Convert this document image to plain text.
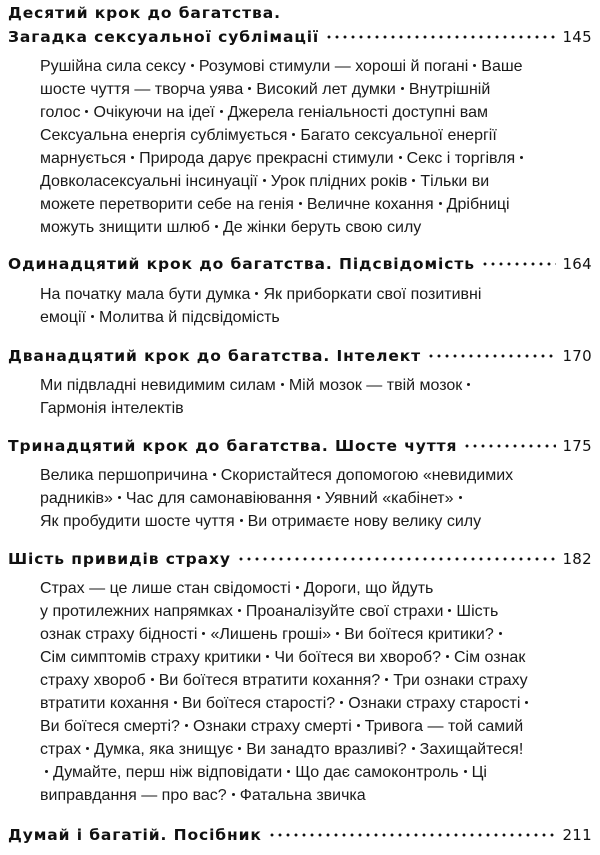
Десятий крок до багатства.
Загадка сексуальної сублімації	145
Рушійна сила сексу Розумові стимули — хороші й погані Ваше
шосте чуття — творча уява Високий лет думки Внутрішній
голос Очікуючи на ідеї Джерела геніальності доступні вам
Сексуальна енергія сублімується Багато сексуальної енергії
марнується Природа дарує прекрасні стимули Секс і торгівля
Довколасексуальні інсинуації Урок плідних років Тільки ви
можете перетворити себе на генія Величне кохання Дрібниці
можуть знищити шлюб Де жінки беруть свою силу
Одинадцятий крок до багатства. Підсвідомість	164
На початку мала бути думка Як приборкати свої позитивні
емоції Молитва й підсвідомість
Дванадцятий крок до багатства. Інтелект	170
Ми підвладні невидимим силам Мій мозок — твій мозок
Гармонія інтелектів
Тринадцятий крок до багатства. Шосте чуття	175
Велика першопричина Скористайтеся допомогою «невидимих
радників» Час для самонавіювання Уявний «кабінет»
Як пробудити шосте чуття Ви отримаєте нову велику силу
Шість привидів страху	182
Страх — це лише стан свідомості Дороги, що йдуть
у протилежних напрямках Проаналізуйте свої страхи Шість
ознак страху бідності «Лишень гроші» Ви боїтеся критики?
Сім симптомів страху критики Чи боїтеся ви хвороб? Сім ознак
страху хвороб Ви боїтеся втратити кохання? Три ознаки страху
втратити кохання Ви боїтеся старості? Ознаки страху старості
Ви боїтеся смерті? Ознаки страху смерті Тривога — той самий
страх Думка, яка знищує Ви занадто вразливі? Захищайтеся!
Думайте, перш ніж відповідати Що дає самоконтроль Ці
виправдання — про вас? Фатальна звичка
Думай і багатій. Посібник	211
